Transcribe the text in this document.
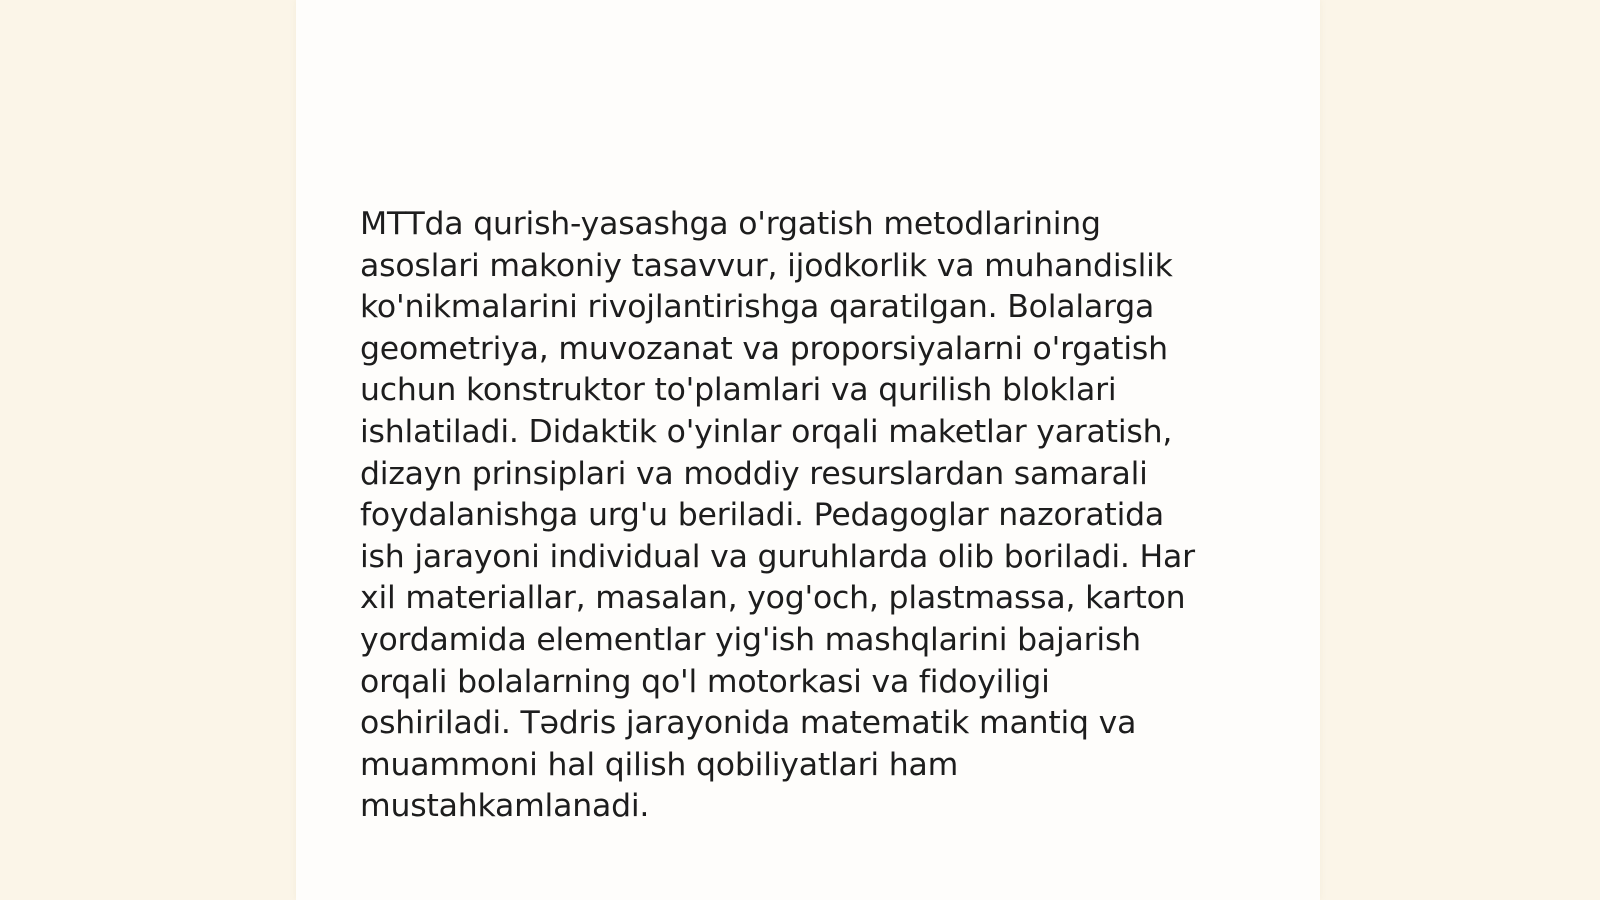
MTTda qurish-yasashga o'rgatish metodlarining
asoslari makoniy tasavvur, ijodkorlik va muhandislik
ko'nikmalarini rivojlantirishga qaratilgan. Bolalarga
geometriya, muvozanat va proporsiyalarni o'rgatish
uchun konstruktor to'plamlari va qurilish bloklari
ishlatiladi. Didaktik o'yinlar orqali maketlar yaratish,
dizayn prinsiplari va moddiy resurslardan samarali
foydalanishga urg'u beriladi. Pedagoglar nazoratida
ish jarayoni individual va guruhlarda olib boriladi. Har
xil materiallar, masalan, yog'och, plastmassa, karton
yordamida elementlar yig'ish mashqlarini bajarish
orqali bolalarning qo'l motorkasi va fidoyiligi
oshiriladi. Tədris jarayonida matematik mantiq va
muammoni hal qilish qobiliyatlari ham
mustahkamlanadi.
